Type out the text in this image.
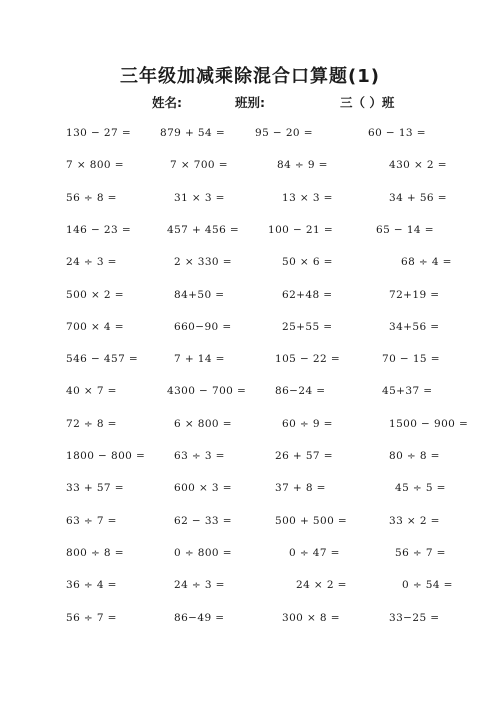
三年级加减乘除混合口算题(1)
姓名:	班别:	三（ ）班
130 − 27 =	879 + 54 =	95 − 20 =	60 − 13 =
7 × 800 =	7 × 700 =	84 ÷ 9 =	430 × 2 =
56 ÷ 8 =	31 × 3 =	13 × 3 =	34 + 56 =
146 − 23 =	457 + 456 =	100 − 21 =	65 − 14 =
24 ÷ 3 =	2 × 330 =	50 × 6 =	68 ÷ 4 =
500 × 2 =	84+50 =	62+48 =	72+19 =
700 × 4 =	660−90 =	25+55 =	34+56 =
546 − 457 =	7 + 14 =	105 − 22 =	70 − 15 =
40 × 7 =	4300 − 700 =	86−24 =	45+37 =
72 ÷ 8 =	6 × 800 =	60 ÷ 9 =	1500 − 900 =
1800 − 800 =	63 ÷ 3 =	26 + 57 =	80 ÷ 8 =
33 + 57 =	600 × 3 =	37 + 8 =	45 ÷ 5 =
63 ÷ 7 =	62 − 33 =	500 + 500 =	33 × 2 =
800 ÷ 8 =	0 ÷ 800 =	0 ÷ 47 =	56 ÷ 7 =
36 ÷ 4 =	24 ÷ 3 =	24 × 2 =	0 ÷ 54 =
56 ÷ 7 =	86−49 =	300 × 8 =	33−25 =
